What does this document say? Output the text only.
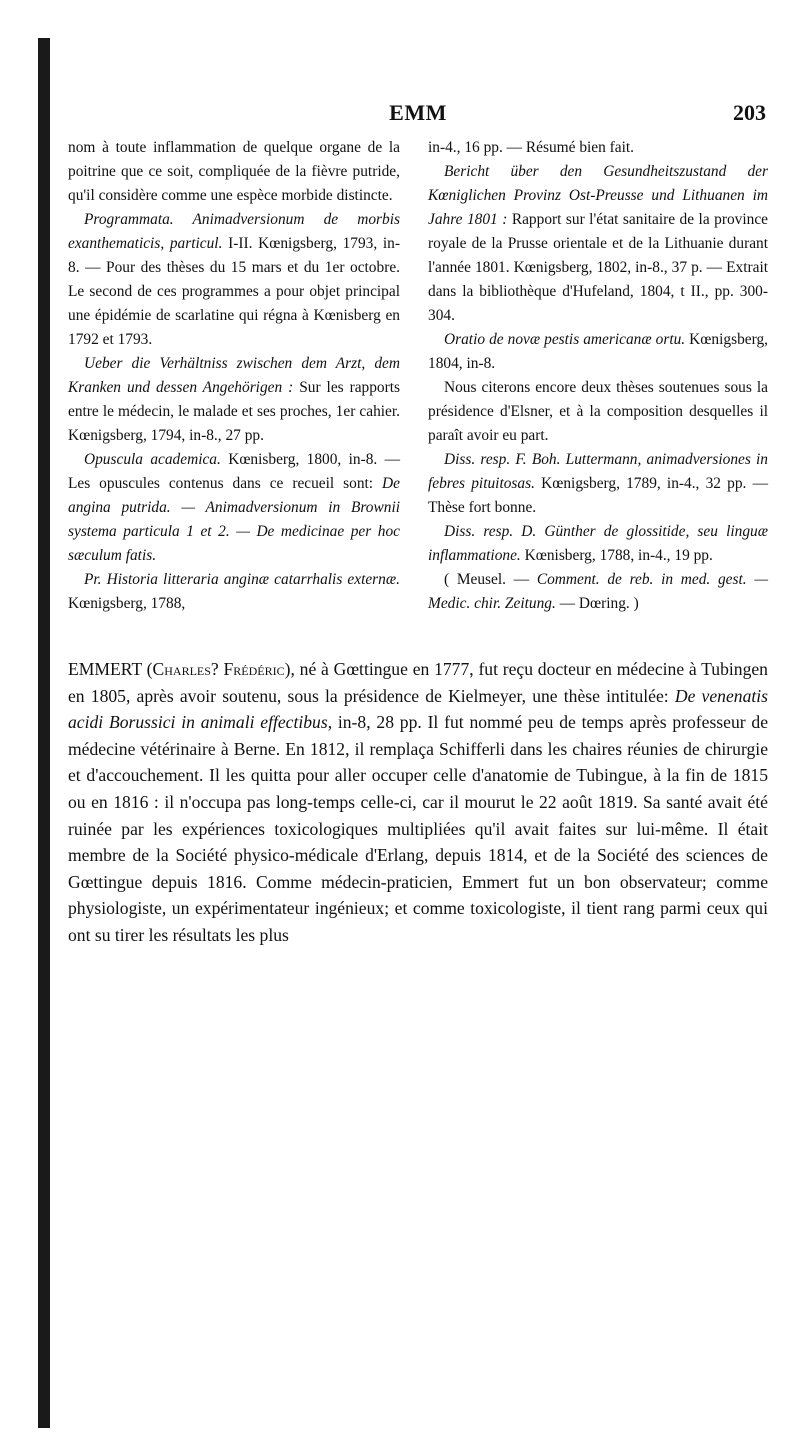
EMM	203

nom à toute inflammation de quelque organe de la poitrine que ce soit, compliquée de la fièvre putride, qu'il considère comme une espèce morbide distincte.

Programmata. Animadversionum de morbis exanthematicis, particul. I-II. Kœnigsberg, 1793, in-8. — Pour des thèses du 15 mars et du 1er octobre. Le second de ces programmes a pour objet principal une épidémie de scarlatine qui régna à Kœnisberg en 1792 et 1793.

Ueber die Verhältniss zwischen dem Arzt, dem Kranken und dessen Angehörigen : Sur les rapports entre le médecin, le malade et ses proches, 1er cahier. Kœnigsberg, 1794, in-8., 27 pp.

Opuscula academica. Kœnisberg, 1800, in-8. — Les opuscules contenus dans ce recueil sont: De angina putrida. — Animadversionum in Brownii systema particula 1 et 2. — De medicinae per hoc sæculum fatis.

Pr. Historia litteraria anginæ catarrhalis externæ. Kœnigsberg, 1788,

in-4., 16 pp. — Résumé bien fait.

Bericht über den Gesundheitszustand der Kœniglichen Provinz Ost-Preusse und Lithuanen im Jahre 1801 : Rapport sur l'état sanitaire de la province royale de la Prusse orientale et de la Lithuanie durant l'année 1801. Kœnigsberg, 1802, in-8., 37 p. — Extrait dans la bibliothèque d'Hufeland, 1804, t II., pp. 300-304.

Oratio de novæ pestis americanæ ortu. Kœnigsberg, 1804, in-8.

Nous citerons encore deux thèses soutenues sous la présidence d'Elsner, et à la composition desquelles il paraît avoir eu part.

Diss. resp. F. Boh. Luttermann, animadversiones in febres pituitosas. Kœnigsberg, 1789, in-4., 32 pp. — Thèse fort bonne.

Diss. resp. D. Günther de glossitide, seu linguæ inflammatione. Kœnisberg, 1788, in-4., 19 pp.

( Meusel. — Comment. de reb. in med. gest. — Medic. chir. Zeitung. — Dœring. )

EMMERT (Charles? Frédéric), né à Gœttingue en 1777, fut reçu docteur en médecine à Tubingen en 1805, après avoir soutenu, sous la présidence de Kielmeyer, une thèse intitulée: De venenatis acidi Borussici in animali effectibus, in-8, 28 pp. Il fut nommé peu de temps après professeur de médecine vétérinaire à Berne. En 1812, il remplaça Schifferli dans les chaires réunies de chirurgie et d'accouchement. Il les quitta pour aller occuper celle d'anatomie de Tubingue, à la fin de 1815 ou en 1816 : il n'occupa pas long-temps celle-ci, car il mourut le 22 août 1819. Sa santé avait été ruinée par les expériences toxicologiques multipliées qu'il avait faites sur lui-même. Il était membre de la Société physico-médicale d'Erlang, depuis 1814, et de la Société des sciences de Gœttingue depuis 1816. Comme médecin-praticien, Emmert fut un bon observateur; comme physiologiste, un expérimentateur ingénieux; et comme toxicologiste, il tient rang parmi ceux qui ont su tirer les résultats les plus
